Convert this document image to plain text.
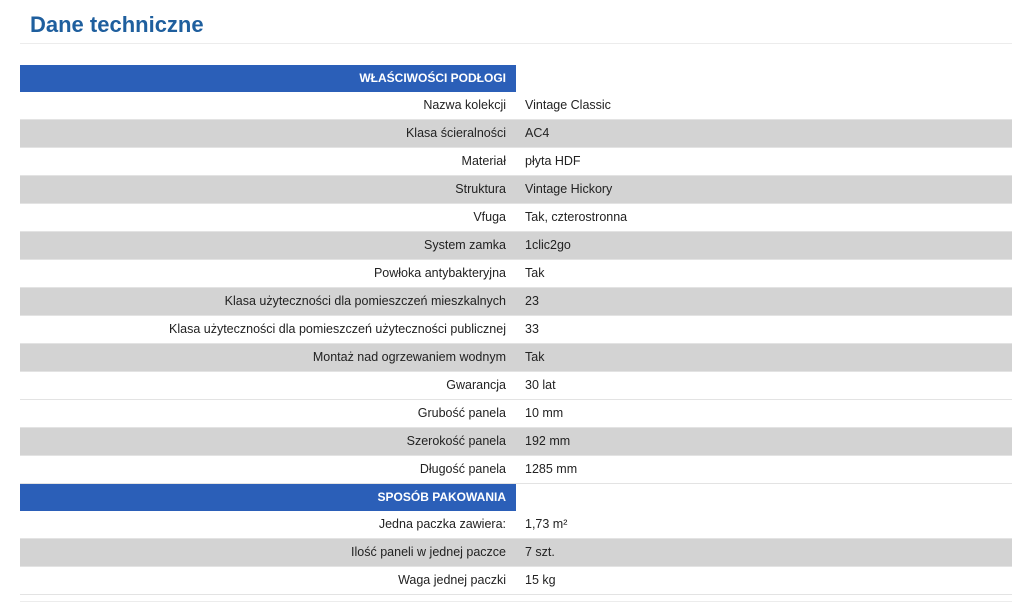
Dane techniczne
WŁAŚCIWOŚCI PODŁOGI	
Nazwa kolekcji	Vintage Classic
Klasa ścieralności	AC4
Materiał	płyta HDF
Struktura	Vintage Hickory
Vfuga	Tak, czterostronna
System zamka	1clic2go
Powłoka antybakteryjna	Tak
Klasa użyteczności dla pomieszczeń mieszkalnych	23
Klasa użyteczności dla pomieszczeń użyteczności publicznej	33
Montaż nad ogrzewaniem wodnym	Tak
Gwarancja	30 lat
Grubość panela	10 mm
Szerokość panela	192 mm
Długość panela	1285 mm
SPOSÓB PAKOWANIA	
Jedna paczka zawiera:	1,73 m²
Ilość paneli w jednej paczce	7 szt.
Waga jednej paczki	15 kg
